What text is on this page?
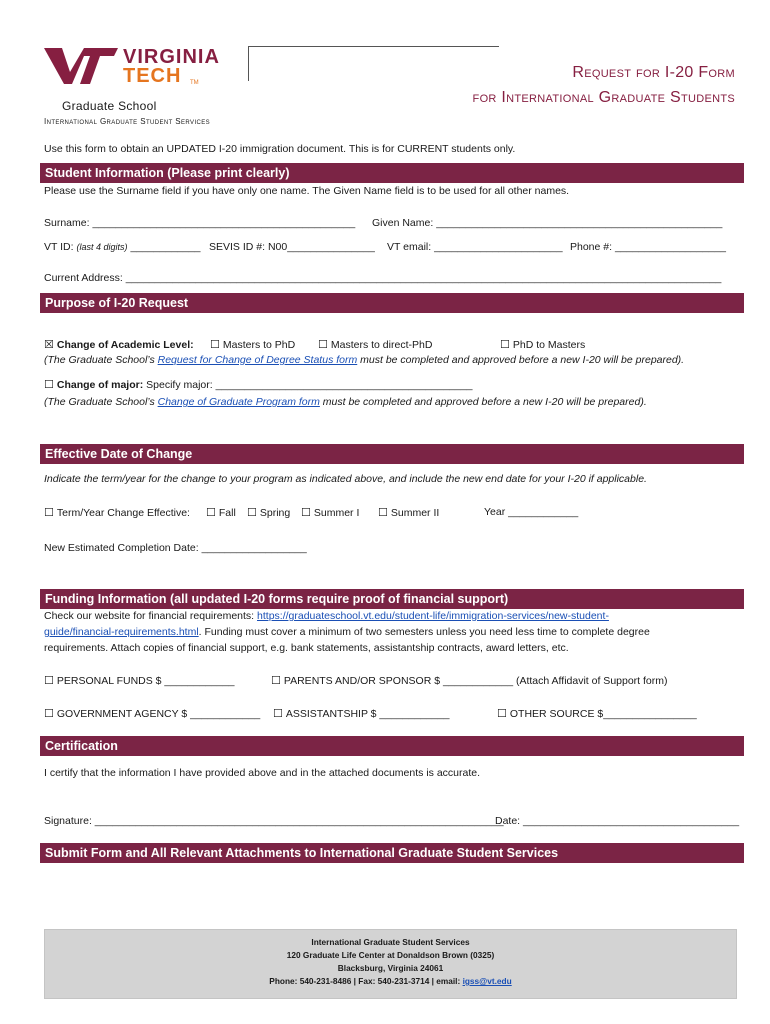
VIRGINIA
TECH TM
Graduate School
International Graduate Student Services
Request for I-20 Form
for International Graduate Students
Use this form to obtain an UPDATED I-20 immigration document. This is for CURRENT students only.
Student Information (Please print clearly)
Please use the Surname field if you have only one name. The Given Name field is to be used for all other names.
Surname: _____________________________________________ Given Name: _________________________________________________
VT ID: (last 4 digits) ____________ SEVIS ID #: N00_______________ VT email: ______________________ Phone #: ___________________
Current Address: ______________________________________________________________________________________________________
Purpose of I-20 Request
☒ Change of Academic Level: ☐ Masters to PhD ☐ Masters to direct-PhD	☐ PhD to Masters
(The Graduate School’s Request for Change of Degree Status form must be completed and approved before a new I-20 will be prepared).
☐ Change of major: Specify major: ____________________________________________
(The Graduate School’s Change of Graduate Program form must be completed and approved before a new I-20 will be prepared).
Effective Date of Change
Indicate the term/year for the change to your program as indicated above, and include the new end date for your I-20 if applicable.
☐ Term/Year Change Effective: ☐ Fall ☐ Spring ☐ Summer I ☐ Summer II	Year ____________
New Estimated Completion Date: __________________
Funding Information (all updated I-20 forms require proof of financial support)
Check our website for financial requirements: https://graduateschool.vt.edu/student-life/immigration-services/new-student-
guide/financial-requirements.html. Funding must cover a minimum of two semesters unless you need less time to complete degree
requirements. Attach copies of financial support, e.g. bank statements, assistantship contracts, award letters, etc.
☐ PERSONAL FUNDS $ ____________	☐ PARENTS AND/OR SPONSOR $ ____________ (Attach Affidavit of Support form)
☐ GOVERNMENT AGENCY $ ____________ ☐ ASSISTANTSHIP $ ____________	☐ OTHER SOURCE $________________
Certification
I certify that the information I have provided above and in the attached documents is accurate.
Signature: ______________________________________________________________________
Date: _____________________________________
Submit Form and All Relevant Attachments to International Graduate Student Services
International Graduate Student Services
120 Graduate Life Center at Donaldson Brown (0325)
Blacksburg, Virginia 24061
Phone: 540-231-8486 | Fax: 540-231-3714 | email: igss@vt.edu
